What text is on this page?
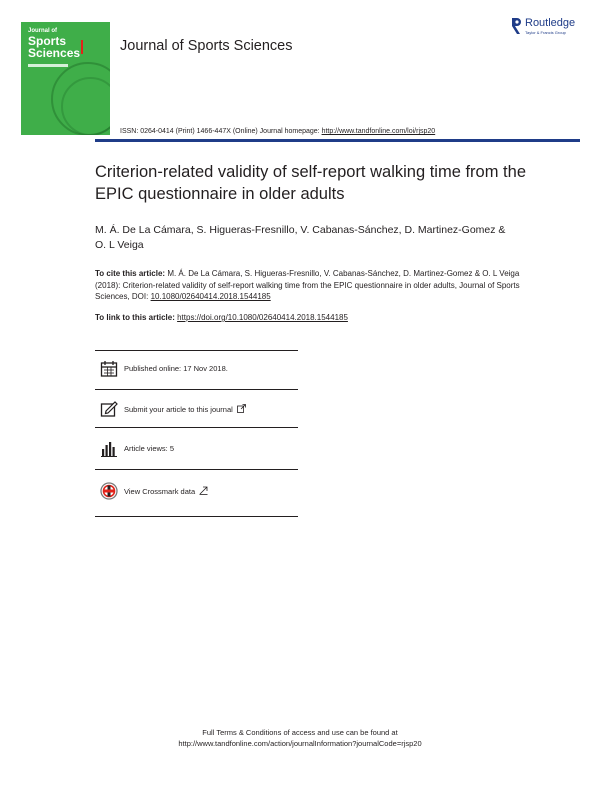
Journal of
Sports
Sciences	Journal of Sports Sciences
Routledge
Taylor & Francis Group
ISSN: 0264-0414 (Print) 1466-447X (Online) Journal homepage: http://www.tandfonline.com/loi/rjsp20
Criterion-related validity of self-report walking time from the EPIC questionnaire in older adults
M. Á. De La Cámara, S. Higueras-Fresnillo, V. Cabanas-Sánchez, D. Martinez-Gomez & O. L Veiga
To cite this article: M. Á. De La Cámara, S. Higueras-Fresnillo, V. Cabanas-Sánchez, D. Martinez-Gomez & O. L Veiga (2018): Criterion-related validity of self-report walking time from the EPIC questionnaire in older adults, Journal of Sports Sciences, DOI: 10.1080/02640414.2018.1544185
To link to this article: https://doi.org/10.1080/02640414.2018.1544185
Published online: 17 Nov 2018.
Submit your article to this journal
Article views: 5
View Crossmark data
Full Terms & Conditions of access and use can be found at
http://www.tandfonline.com/action/journalInformation?journalCode=rjsp20
